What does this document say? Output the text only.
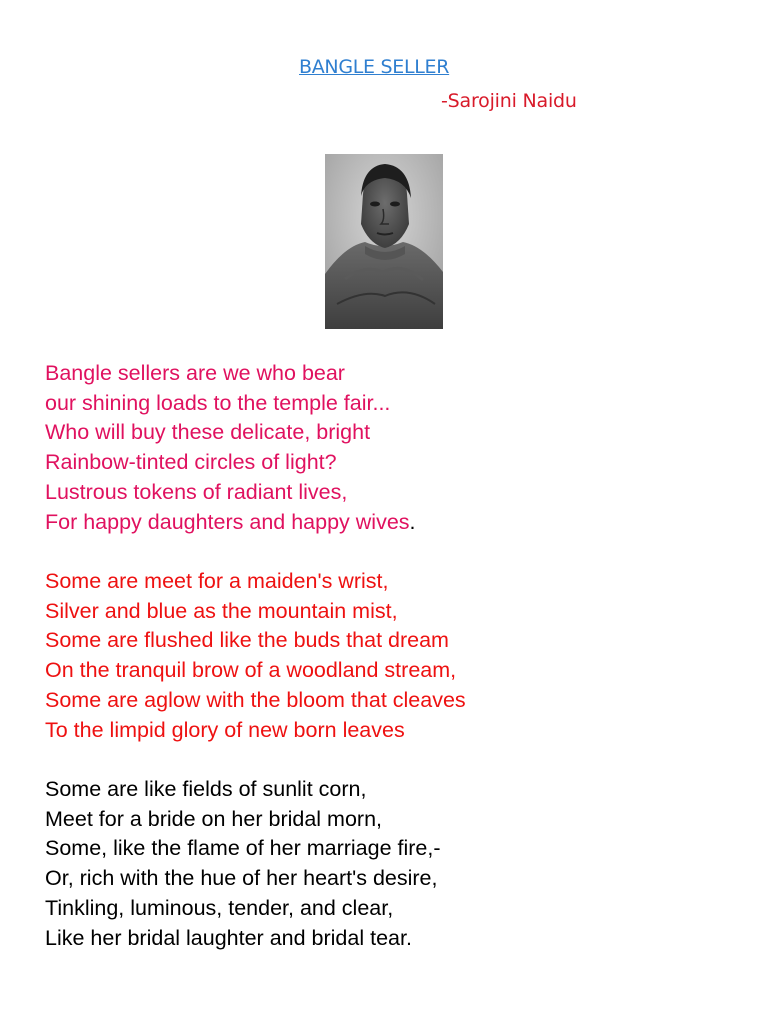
BANGLE SELLER

-Sarojini Naidu

Bangle sellers are we who bear
our shining loads to the temple fair...
Who will buy these delicate, bright
Rainbow-tinted circles of light?
Lustrous tokens of radiant lives,
For happy daughters and happy wives.
Some are meet for a maiden's wrist,
Silver and blue as the mountain mist,
Some are flushed like the buds that dream
On the tranquil brow of a woodland stream,
Some are aglow with the bloom that cleaves
To the limpid glory of new born leaves
Some are like fields of sunlit corn,
Meet for a bride on her bridal morn,
Some, like the flame of her marriage fire,-
Or, rich with the hue of her heart's desire,
Tinkling, luminous, tender, and clear,
Like her bridal laughter and bridal tear.
